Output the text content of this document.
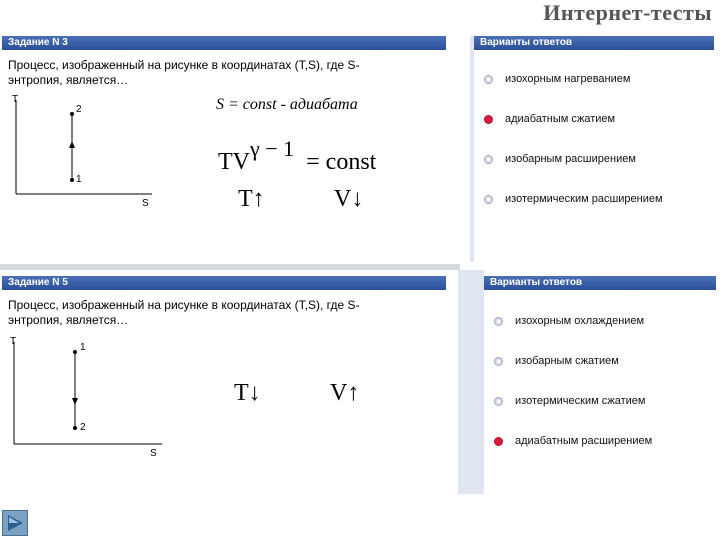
Интернет-тесты
Задание N 3
Процесс, изображенный на рисунке в координатах (T,S), где S- энтропия, является…
T
S
2
1
S = const - адиабата
$TV^{\gamma - 1}$ = const
T↑	V↓
Варианты ответов
изохорным нагреванием
адиабатным сжатием
изобарным расширением
изотермическим расширением
Задание N 5
Процесс, изображенный на рисунке в координатах (T,S), где S- энтропия, является…
T
S
1
2
T↓	V↑
Варианты ответов
изохорным охлаждением
изобарным сжатием
изотермическим сжатием
адиабатным расширением
